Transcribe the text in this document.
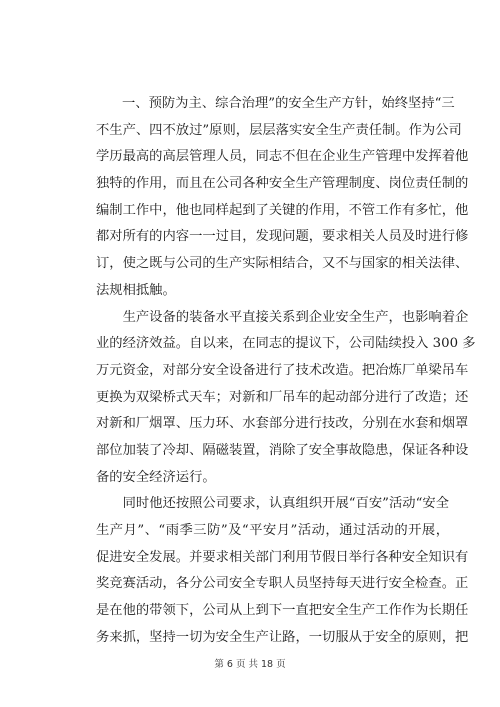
一、预防为主、综合治理”的安全生产方针，始终坚持“三
不生产、四不放过”原则，层层落实安全生产责任制。作为公司
学历最高的高层管理人员，同志不但在企业生产管理中发挥着他
独特的作用，而且在公司各种安全生产管理制度、岗位责任制的
编制工作中，他也同样起到了关键的作用，不管工作有多忙，他
都对所有的内容一一过目，发现问题，要求相关人员及时进行修
订，使之既与公司的生产实际相结合，又不与国家的相关法律、
法规相抵触。
　　生产设备的装备水平直接关系到企业安全生产，也影响着企
业的经济效益。自以来，在同志的提议下，公司陆续投入 300 多
万元资金，对部分安全设备进行了技术改造。把冶炼厂单梁吊车
更换为双梁桥式天车；对新和厂吊车的起动部分进行了改造；还
对新和厂烟罩、压力环、水套部分进行技改，分别在水套和烟罩
部位加装了冷却、隔磁装置，消除了安全事故隐患，保证各种设
备的安全经济运行。
　　同时他还按照公司要求，认真组织开展“百安”活动“安全
生产月”、“雨季三防”及“平安月”活动，通过活动的开展，
促进安全发展。并要求相关部门利用节假日举行各种安全知识有
奖竞赛活动，各分公司安全专职人员坚持每天进行安全检查。正
是在他的带领下，公司从上到下一直把安全生产工作作为长期任
务来抓，坚持一切为安全生产让路，一切服从于安全的原则，把
第 6 页 共 18 页
